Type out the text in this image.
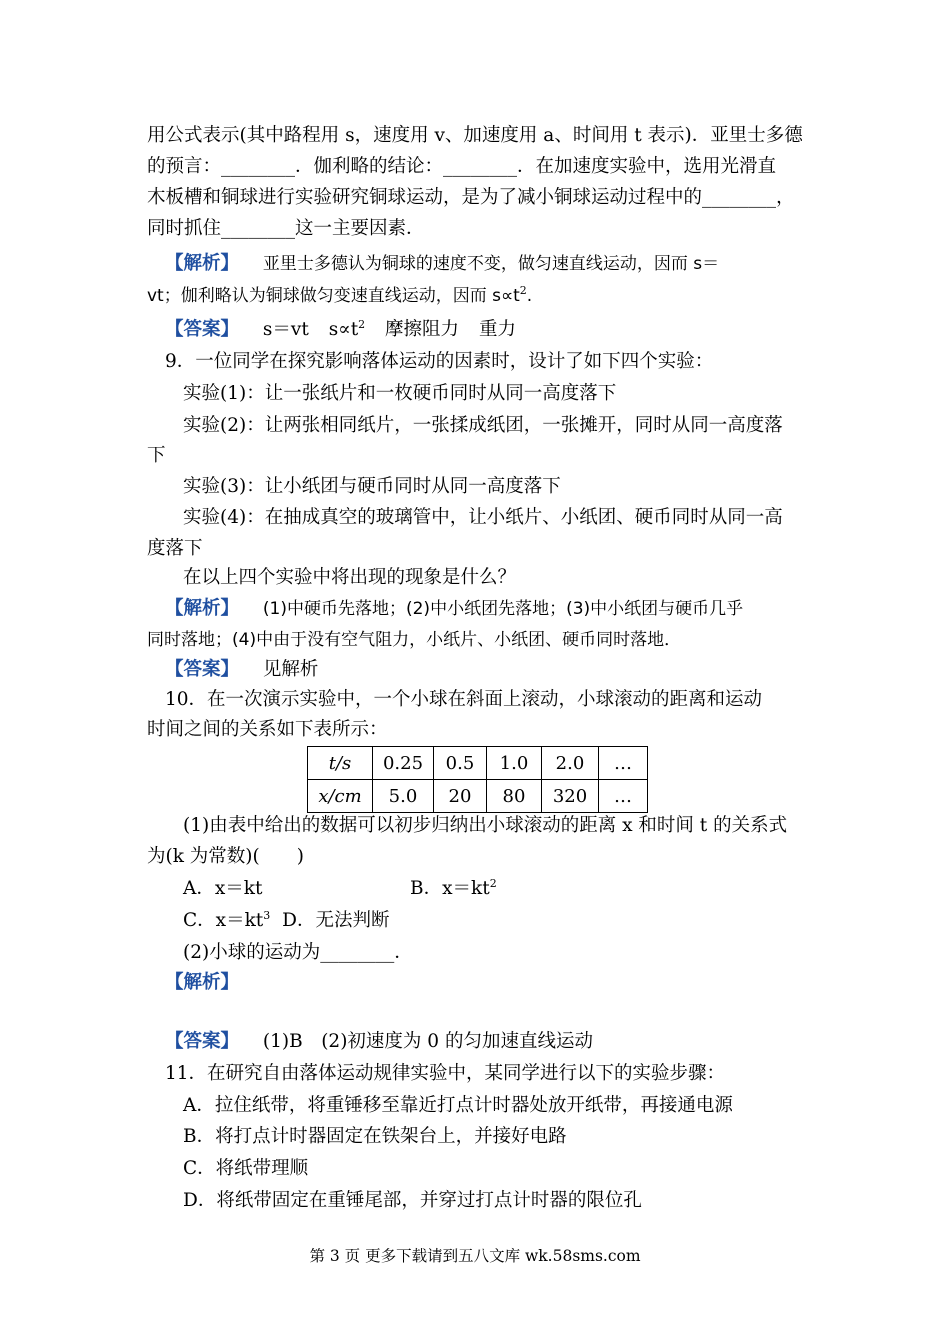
用公式表示(其中路程用 s，速度用 v、加速度用 a、时间用 t 表示)．亚里士多德
的预言：________．伽利略的结论：________．在加速度实验中，选用光滑直
木板槽和铜球进行实验研究铜球运动，是为了减小铜球运动过程中的________，
同时抓住________这一主要因素．
【解析】 亚里士多德认为铜球的速度不变，做匀速直线运动，因而 s＝
vt；伽利略认为铜球做匀变速直线运动，因而 $s\propto t^2$.
【答案】 s＝vt $s\propto t^2$ 摩擦阻力 重力
9．一位同学在探究影响落体运动的因素时，设计了如下四个实验：
实验(1)：让一张纸片和一枚硬币同时从同一高度落下
实验(2)：让两张相同纸片，一张揉成纸团，一张摊开，同时从同一高度落
下
实验(3)：让小纸团与硬币同时从同一高度落下
实验(4)：在抽成真空的玻璃管中，让小纸片、小纸团、硬币同时从同一高
度落下
在以上四个实验中将出现的现象是什么？
【解析】 (1)中硬币先落地；(2)中小纸团先落地；(3)中小纸团与硬币几乎
同时落地；(4)中由于没有空气阻力，小纸片、小纸团、硬币同时落地．
【答案】 见解析
10．在一次演示实验中，一个小球在斜面上滚动，小球滚动的距离和运动
时间之间的关系如下表所示：
t/s	0.25	0.5	1.0	2.0	…
x/cm	5.0	20	80	320	…
(1)由表中给出的数据可以初步归纳出小球滚动的距离 x 和时间 t 的关系式
为(k 为常数)(　　)
A．x＝kt	B．$x=kt^2$
C．$x=kt^3$ D．无法判断
(2)小球的运动为________．
【解析】
【答案】 (1)B　(2)初速度为 0 的匀加速直线运动
11．在研究自由落体运动规律实验中，某同学进行以下的实验步骤：
A．拉住纸带，将重锤移至靠近打点计时器处放开纸带，再接通电源
B．将打点计时器固定在铁架台上，并接好电路
C．将纸带理顺
D．将纸带固定在重锤尾部，并穿过打点计时器的限位孔
第 3 页 更多下载请到五八文库 wk.58sms.com
